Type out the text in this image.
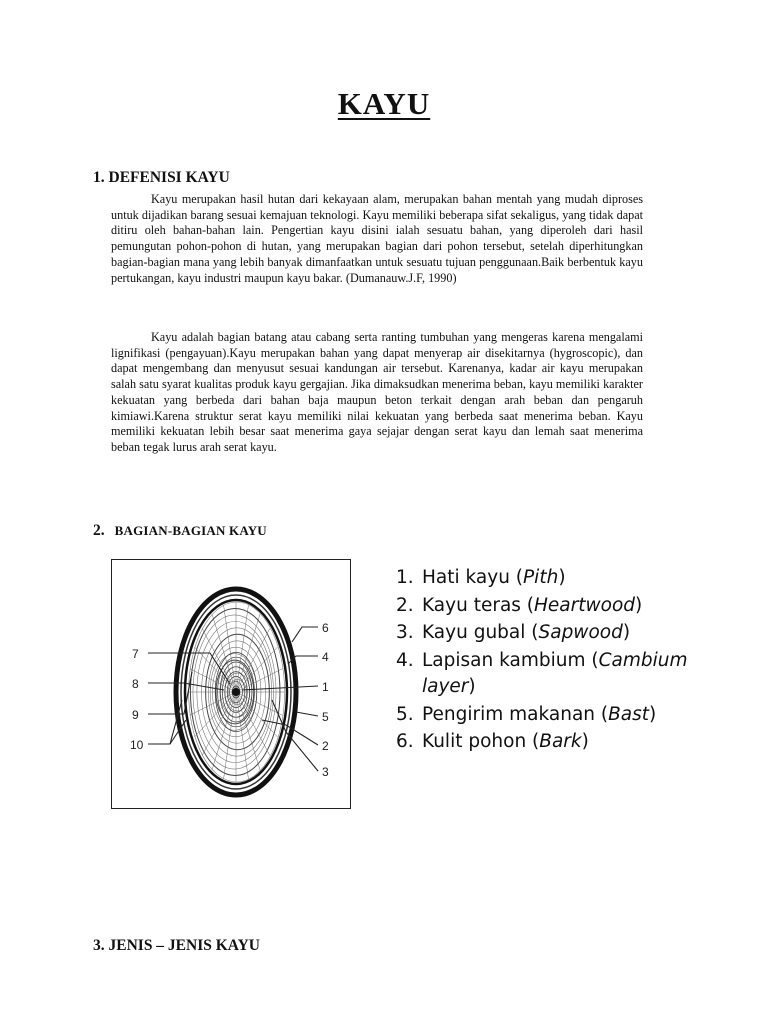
KAYU
1. DEFENISI KAYU

Kayu merupakan hasil hutan dari kekayaan alam, merupakan bahan mentah yang mudah diproses untuk dijadikan barang sesuai kemajuan teknologi. Kayu memiliki beberapa sifat sekaligus, yang tidak dapat ditiru oleh bahan-bahan lain. Pengertian kayu disini ialah sesuatu bahan, yang diperoleh dari hasil pemungutan pohon-pohon di hutan, yang merupakan bagian dari pohon tersebut, setelah diperhitungkan bagian-bagian mana yang lebih banyak dimanfaatkan untuk sesuatu tujuan penggunaan.Baik berbentuk kayu pertukangan, kayu industri maupun kayu bakar. (Dumanauw.J.F, 1990)

Kayu adalah bagian batang atau cabang serta ranting tumbuhan yang mengeras karena mengalami lignifikasi (pengayuan).Kayu merupakan bahan yang dapat menyerap air disekitarnya (hygroscopic), dan dapat mengembang dan menyusut sesuai kandungan air tersebut. Karenanya, kadar air kayu merupakan salah satu syarat kualitas produk kayu gergajian. Jika dimaksudkan menerima beban, kayu memiliki karakter kekuatan yang berbeda dari bahan baja maupun beton terkait dengan arah beban dan pengaruh kimiawi.Karena struktur serat kayu memiliki nilai kekuatan yang berbeda saat menerima beban. Kayu memiliki kekuatan lebih besar saat menerima gaya sejajar dengan serat kayu dan lemah saat menerima beban tegak lurus arah serat kayu.

2. BAGIAN-BAGIAN KAYU
7
8
9
10
6
4
1
5
2
3
1. Hati kayu (Pith)
2. Kayu teras (Heartwood)
3. Kayu gubal (Sapwood)
4. Lapisan kambium (Cambium layer)
5. Pengirim makanan (Bast)
6. Kulit pohon (Bark)
3. JENIS – JENIS KAYU
